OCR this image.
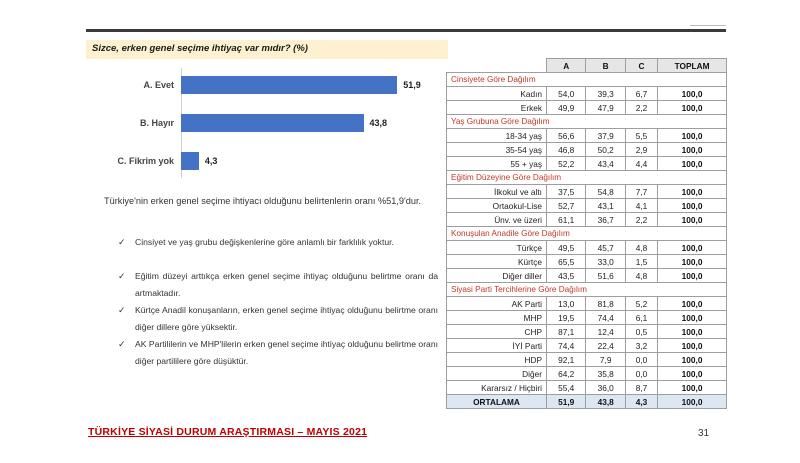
Sizce, erken genel seçime ihtiyaç var mıdır? (%)
A. Evet	51,9
B. Hayır	43,8
C. Fikrim yok	4,3

Türkiye'nin erken genel seçime ihtiyacı olduğunu belirtenlerin oranı %51,9'dur.

✓ Cinsiyet ve yaş grubu değişkenlerine göre anlamlı bir farklılık yoktur.
✓ Eğitim düzeyi arttıkça erken genel seçime ihtiyaç olduğunu belirtme oranı da artmaktadır.
✓ Kürtçe Anadil konuşanların, erken genel seçime ihtiyaç olduğunu belirtme oranı diğer dillere göre yüksektir.
✓ AK Partililerin ve MHP'lilerin erken genel seçime ihtiyaç olduğunu belirtme oranı diğer partililere göre düşüktür.
	A	B	C	TOPLAM
Cinsiyete Göre Dağılım				
Kadın	54,0	39,3	6,7	100,0
Erkek	49,9	47,9	2,2	100,0
Yaş Grubuna Göre Dağılım				
18-34 yaş	56,6	37,9	5,5	100,0
35-54 yaş	46,8	50,2	2,9	100,0
55 + yaş	52,2	43,4	4,4	100,0
Eğitim Düzeyine Göre Dağılım				
İlkokul ve altı	37,5	54,8	7,7	100,0
Ortaokul-Lise	52,7	43,1	4,1	100,0
Ünv. ve üzeri	61,1	36,7	2,2	100,0
Konuşulan Anadile Göre Dağılım				
Türkçe	49,5	45,7	4,8	100,0
Kürtçe	65,5	33,0	1,5	100,0
Diğer diller	43,5	51,6	4,8	100,0
Siyasi Parti Tercihlerine Göre Dağılım				
AK Parti	13,0	81,8	5,2	100,0
MHP	19,5	74,4	6,1	100,0
CHP	87,1	12,4	0,5	100,0
İYİ Parti	74,4	22,4	3,2	100,0
HDP	92,1	7,9	0,0	100,0
Diğer	64,2	35,8	0,0	100,0
Kararsız / Hiçbiri	55,4	36,0	8,7	100,0
ORTALAMA	51,9	43,8	4,3	100,0
TÜRKİYE SİYASİ DURUM ARAŞTIRMASI – MAYIS 2021	31
